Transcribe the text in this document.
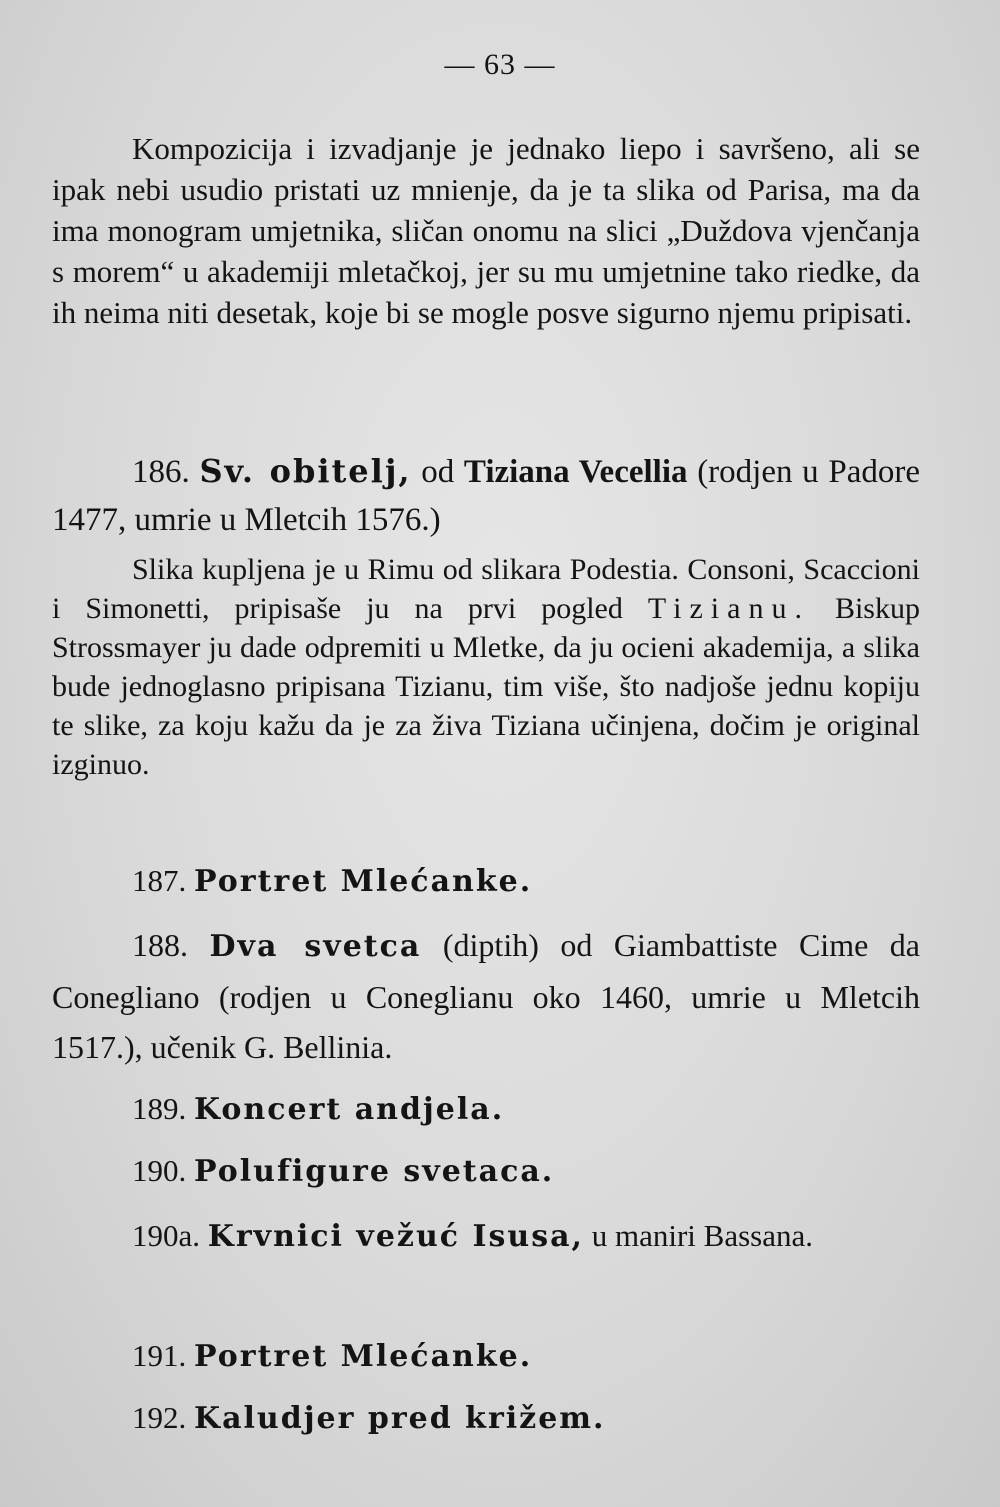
— 63 —

Kompozicija i izvadjanje je jednako liepo i savršeno, ali se ipak nebi usudio pristati uz mnienje, da je ta slika od Parisa, ma da ima monogram umjetnika, sličan onomu na slici „Duždova vjenčanja s morem“ u akademiji mletačkoj, jer su mu umjetnine tako riedke, da ih neima niti desetak, koje bi se mogle posve sigurno njemu pripisati.

186. Sv. obitelj, od Tiziana Vecellia (rodjen u Padore 1477, umrie u Mletcih 1576.)

Slika kupljena je u Rimu od slikara Podestia. Consoni, Scaccioni i Simonetti, pripisaše ju na prvi pogled Tizianu. Biskup Strossmayer ju dade odpremiti u Mletke, da ju ocieni akademija, a slika bude jednoglasno pripisana Tizianu, tim više, što nadjoše jednu kopiju te slike, za koju kažu da je za živa Tiziana učinjena, dočim je original izginuo.

187. Portret Mlećanke.

188. Dva svetca (diptih) od Giambattiste Cime da Conegliano (rodjen u Coneglianu oko 1460, umrie u Mletcih 1517.), učenik G. Bellinia.

189. Koncert andjela.
190. Polufigure svetaca.

190a. Krvnici vežuć Isusa, u maniri Bassana.

191. Portret Mlećanke.
192. Kaludjer pred križem.
